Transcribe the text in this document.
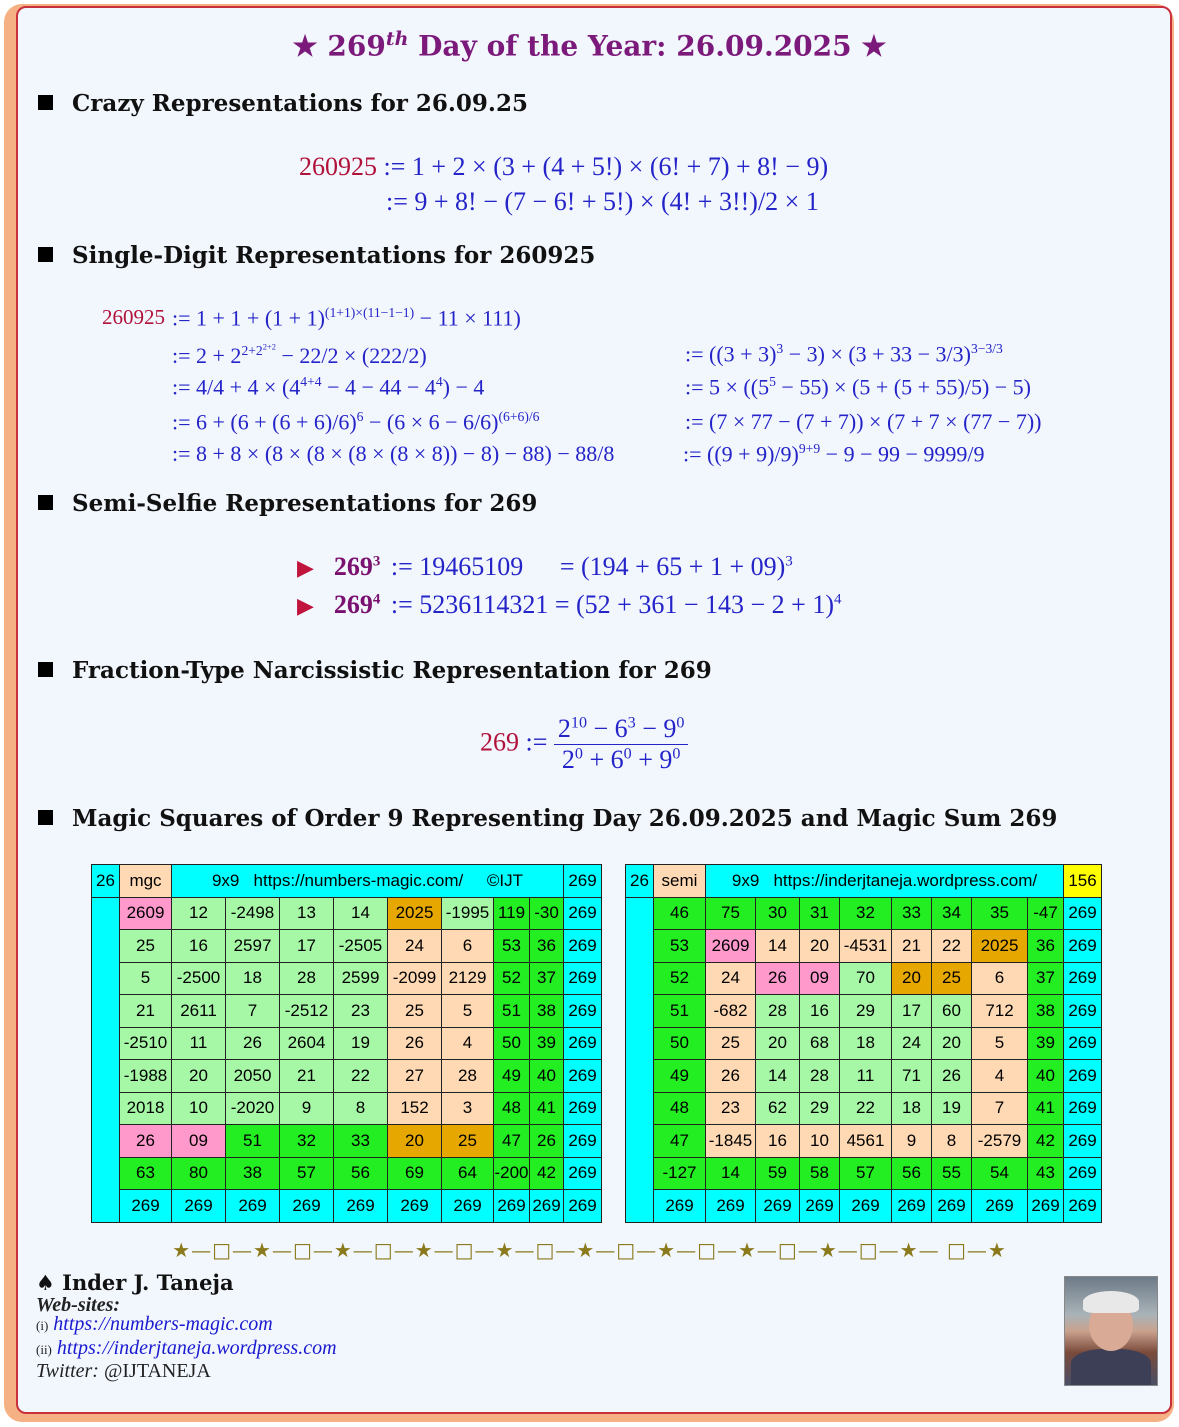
★ 269th Day of the Year: 26.09.2025 ★
Crazy Representations for 26.09.25
260925 := 1 + 2 × (3 + (4 + 5!) × (6! + 7) + 8! − 9)
:= 9 + 8! − (7 − 6! + 5!) × (4! + 3!!)/2 × 1
Single-Digit Representations for 260925
260925 := $1 + 1 + (1 + 1)^{(1+1)\times(11-1-1)} - 11 \times 111$)
:= $2 + 2^{2+2^{2+2}} - 22/2 \times (222/2)$
:= $4/4 + 4 \times (4^{4+4} - 4 - 44 - 4^4) - 4$
:= $6 + (6 + (6 + 6)/6)^6 - (6 \times 6 - 6/6)^{(6+6)/6}$
:= 8 + 8 × (8 × (8 × (8 × (8 × 8)) − 8) − 88) − 88/8
:= $((3 + 3)^3 - 3) \times (3 + 33 - 3/3)^{3-3/3}$
:= $5 \times ((5^5 - 55) \times (5 + (5 + 55)/5) - 5)$
:= (7 × 77 − (7 + 7)) × (7 + 7 × (77 − 7))
:= $((9 + 9)/9)^{9+9} - 9 - 99 - 9999/9$
Semi-Selfie Representations for 269
▶ $269^3$ := $19465109 = (194 + 65 + 1 + 09)^3$
▶ $269^4$ := $5236114321 = (52 + 361 - 143 - 2 + 1)^4$
Fraction-Type Narcissistic Representation for 269
269 := $\frac{2^{10} - 6^3 - 9^0}{2^0 + 6^0 + 9^0}$
Magic Squares of Order 9 Representing Day 26.09.2025 and Magic Sum 269
26	mgc	9x9   https://numbers-magic.com/     ©IJT								269
	2609	12	-2498	13	14	2025	-1995	119	-30	269
	25	16	2597	17	-2505	24	6	53	36	269
	5	-2500	18	28	2599	-2099	2129	52	37	269
	21	2611	7	-2512	23	25	5	51	38	269
	-2510	11	26	2604	19	26	4	50	39	269
	-1988	20	2050	21	22	27	28	49	40	269
	2018	10	-2020	9	8	152	3	48	41	269
	26	09	51	32	33	20	25	47	26	269
	63	80	38	57	56	69	64	-200	42	269
	269	269	269	269	269	269	269	269	269	269
26	semi	9x9   https://inderjtaneja.wordpress.com/								156
	46	75	30	31	32	33	34	35	-47	269
	53	2609	14	20	-4531	21	22	2025	36	269
	52	24	26	09	70	20	25	6	37	269
	51	-682	28	16	29	17	60	712	38	269
	50	25	20	68	18	24	20	5	39	269
	49	26	14	28	11	71	26	4	40	269
	48	23	62	29	22	18	19	7	41	269
	47	-1845	16	10	4561	9	8	-2579	42	269
	-127	14	59	58	57	56	55	54	43	269
	269	269	269	269	269	269	269	269	269	269
★—□—★—□—★—□—★—□—★—□—★—□—★—□—★—□—★—□—★— □—★
♠ Inder J. Taneja
Web-sites:
(i) https://numbers-magic.com
(ii) https://inderjtaneja.wordpress.com
Twitter: @IJTANEJA
